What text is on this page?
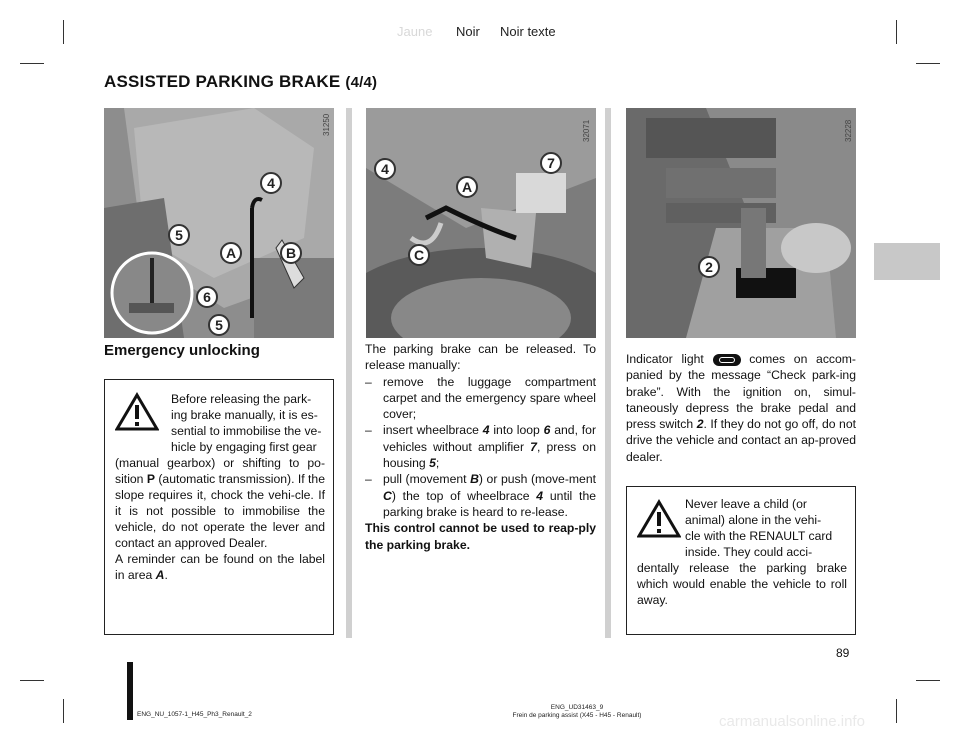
Jaune Noir Noir texte
ASSISTED PARKING BRAKE (4/4)
31250
4
5
A	B
6
5
32071
4	7
A
C
32228
2
Emergency unlocking

Before releasing the park-

ing brake manually, it is es-

sential to immobilise the ve-

hicle by engaging first gear

(manual gearbox) or shifting to po-sition P (automatic transmission). If the slope requires it, chock the vehi-cle. If it is not possible to immobilise the vehicle, do not operate the lever and contact an approved Dealer.

A reminder can be found on the label in area A.

The parking brake can be released. To release manually:

– remove the luggage compartment carpet and the emergency spare wheel cover;
– insert wheelbrace 4 into loop 6 and, for vehicles without amplifier 7, press on housing 5;
– pull (movement B) or push (move-ment C) the top of wheelbrace 4 until the parking brake is heard to re-lease.

This control cannot be used to reap-ply the parking brake.

Indicator light
comes on accom-panied by the message “Check park-ing brake”. With the ignition on, simul-taneously depress the brake pedal and press switch 2. If they do not go off, do not drive the vehicle and contact an ap-proved dealer.

Never leave a child (or

animal) alone in the vehi-

cle with the RENAULT card

inside. They could acci-

dentally release the parking brake which would enable the vehicle to roll away.

89
ENG_NU_1057-1_H45_Ph3_Renault_2
ENG_UD31463_9
Frein de parking assist (X45 - H45 - Renault)	carmanualsonline.info
